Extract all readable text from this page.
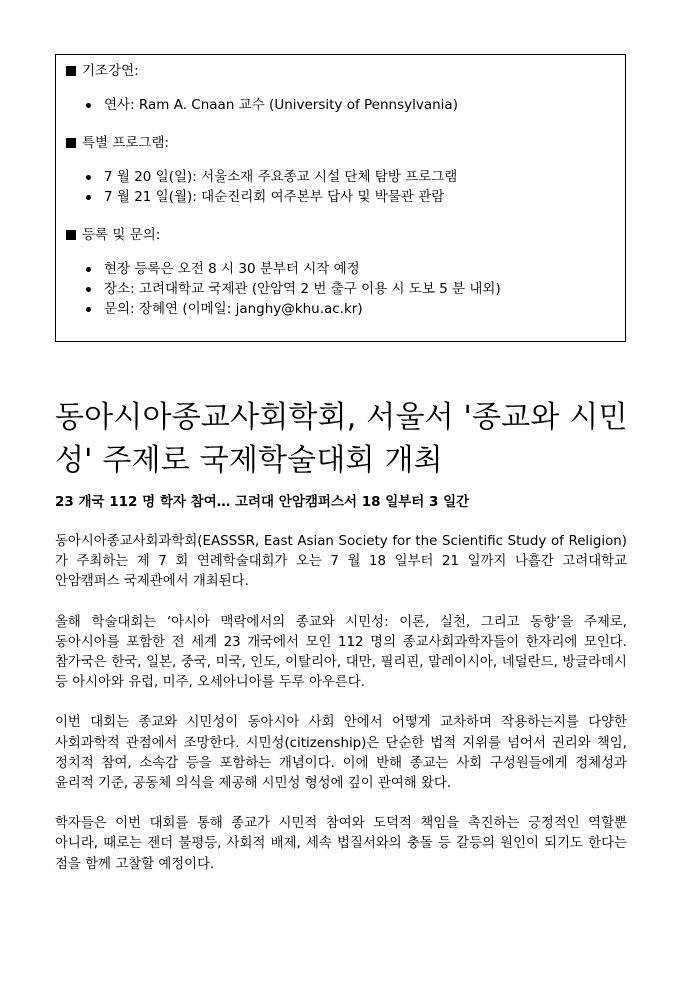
기조강연:
연사: Ram A. Cnaan 교수 (University of Pennsylvania)
특별 프로그램:
7 월 20 일(일): 서울소재 주요종교 시설 단체 탐방 프로그램
7 월 21 일(월): 대순진리회 여주본부 답사 및 박물관 관람
등록 및 문의:
현장 등록은 오전 8 시 30 분부터 시작 예정
장소: 고려대학교 국제관 (안암역 2 번 출구 이용 시 도보 5 분 내외)
문의: 장혜연 (이메일: janghy@khu.ac.kr)
동아시아종교사회학회, 서울서 '종교와 시민성' 주제로 국제학술대회 개최
23 개국 112 명 학자 참여… 고려대 안암캠퍼스서 18 일부터 3 일간

동아시아종교사회과학회(EASSSR, East Asian Society for the Scientific Study of Religion)가 주최하는 제 7 회 연례학술대회가 오는 7 월 18 일부터 21 일까지 나흘간 고려대학교 안암캠퍼스 국제관에서 개최된다.

올해 학술대회는 ‘아시아 맥락에서의 종교와 시민성: 이론, 실천, 그리고 동향’을 주제로, 동아시아를 포함한 전 세계 23 개국에서 모인 112 명의 종교사회과학자들이 한자리에 모인다. 참가국은 한국, 일본, 중국, 미국, 인도, 이탈리아, 대만, 필리핀, 말레이시아, 네덜란드, 방글라데시 등 아시아와 유럽, 미주, 오세아니아를 두루 아우른다.

이번 대회는 종교와 시민성이 동아시아 사회 안에서 어떻게 교차하며 작용하는지를 다양한 사회과학적 관점에서 조망한다. 시민성(citizenship)은 단순한 법적 지위를 넘어서 권리와 책임, 정치적 참여, 소속감 등을 포함하는 개념이다. 이에 반해 종교는 사회 구성원들에게 정체성과 윤리적 기준, 공동체 의식을 제공해 시민성 형성에 깊이 관여해 왔다.

학자들은 이번 대회를 통해 종교가 시민적 참여와 도덕적 책임을 촉진하는 긍정적인 역할뿐 아니라, 때로는 젠더 불평등, 사회적 배제, 세속 법질서와의 충돌 등 갈등의 원인이 되기도 한다는 점을 함께 고찰할 예정이다.
